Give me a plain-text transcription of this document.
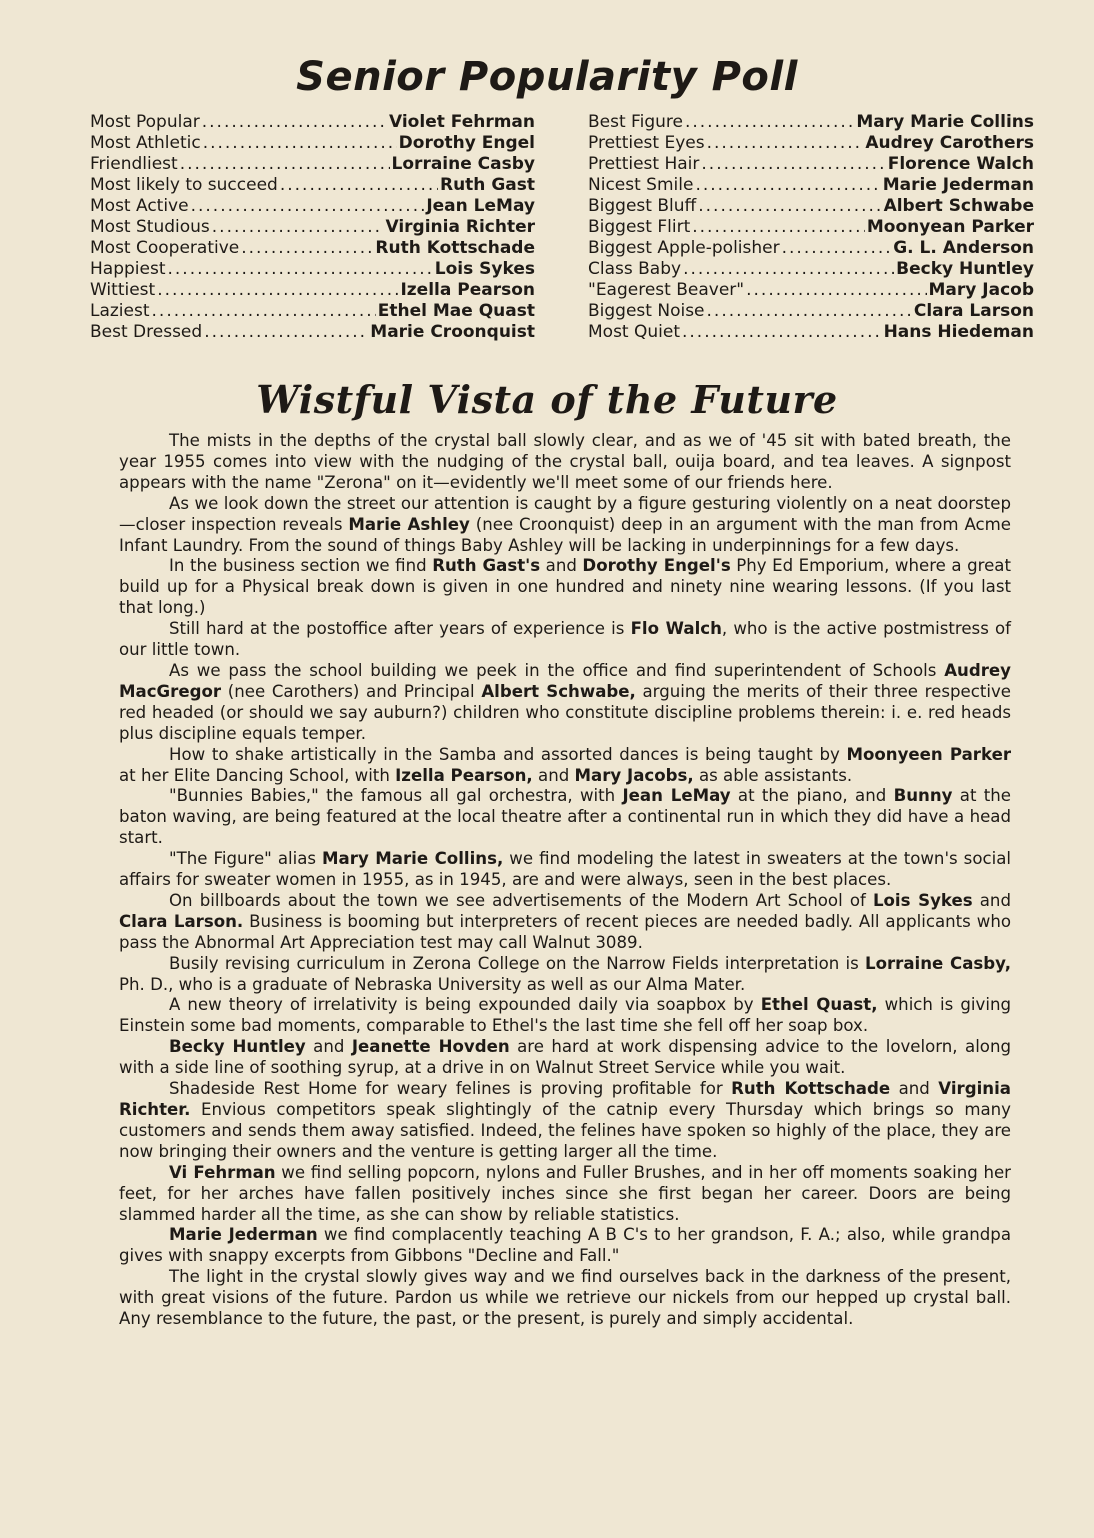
Senior Popularity Poll
Most Popular .....	Violet Fehrman
Most Athletic .....	Dorothy Engel
Friendliest .....	Lorraine Casby
Most likely to succeed .....	Ruth Gast
Most Active .....	Jean LeMay
Most Studious .....	Virginia Richter
Most Cooperative .....	Ruth Kottschade
Happiest .....	Lois Sykes
Wittiest .....	Izella Pearson
Laziest .....	Ethel Mae Quast
Best Dressed .....	Marie Croonquist
Best Figure .....	Mary Marie Collins
Prettiest Eyes .....	Audrey Carothers
Prettiest Hair .....	Florence Walch
Nicest Smile .....	Marie Jederman
Biggest Bluff .....	Albert Schwabe
Biggest Flirt .....	Moonyean Parker
Biggest Apple-polisher .....	G. L. Anderson
Class Baby .....	Becky Huntley
"Eagerest Beaver" .....	Mary Jacob
Biggest Noise .....	Clara Larson
Most Quiet .....	Hans Hiedeman
Wistful Vista of the Future

The mists in the depths of the crystal ball slowly clear, and as we of '45 sit with bated breath, the year 1955 comes into view with the nudging of the crystal ball, ouija board, and tea leaves. A signpost appears with the name "Zerona" on it—evidently we'll meet some of our friends here.

As we look down the street our attention is caught by a figure gesturing violently on a neat doorstep—closer inspection reveals Marie Ashley (nee Croonquist) deep in an argument with the man from Acme Infant Laundry. From the sound of things Baby Ashley will be lacking in underpinnings for a few days.

In the business section we find Ruth Gast's and Dorothy Engel's Phy Ed Emporium, where a great build up for a Physical break down is given in one hundred and ninety nine wearing lessons. (If you last that long.)

Still hard at the postoffice after years of experience is Flo Walch, who is the active postmistress of our little town.

As we pass the school building we peek in the office and find superintendent of Schools Audrey MacGregor (nee Carothers) and Principal Albert Schwabe, arguing the merits of their three respective red headed (or should we say auburn?) children who constitute discipline problems therein: i. e. red heads plus discipline equals temper.

How to shake artistically in the Samba and assorted dances is being taught by Moonyeen Parker at her Elite Dancing School, with Izella Pearson, and Mary Jacobs, as able assistants.

"Bunnies Babies," the famous all gal orchestra, with Jean LeMay at the piano, and Bunny at the baton waving, are being featured at the local theatre after a continental run in which they did have a head start.

"The Figure" alias Mary Marie Collins, we find modeling the latest in sweaters at the town's social affairs for sweater women in 1955, as in 1945, are and were always, seen in the best places.

On billboards about the town we see advertisements of the Modern Art School of Lois Sykes and Clara Larson. Business is booming but interpreters of recent pieces are needed badly. All applicants who pass the Abnormal Art Appreciation test may call Walnut 3089.

Busily revising curriculum in Zerona College on the Narrow Fields interpretation is Lorraine Casby, Ph. D., who is a graduate of Nebraska University as well as our Alma Mater.

A new theory of irrelativity is being expounded daily via soapbox by Ethel Quast, which is giving Einstein some bad moments, comparable to Ethel's the last time she fell off her soap box.

Becky Huntley and Jeanette Hovden are hard at work dispensing advice to the lovelorn, along with a side line of soothing syrup, at a drive in on Walnut Street Service while you wait.

Shadeside Rest Home for weary felines is proving profitable for Ruth Kottschade and Virginia Richter. Envious competitors speak slightingly of the catnip every Thursday which brings so many customers and sends them away satisfied. Indeed, the felines have spoken so highly of the place, they are now bringing their owners and the venture is getting larger all the time.

Vi Fehrman we find selling popcorn, nylons and Fuller Brushes, and in her off moments soaking her feet, for her arches have fallen positively inches since she first began her career. Doors are being slammed harder all the time, as she can show by reliable statistics.

Marie Jederman we find complacently teaching A B C's to her grandson, F. A.; also, while grandpa gives with snappy excerpts from Gibbons "Decline and Fall."

The light in the crystal slowly gives way and we find ourselves back in the darkness of the present, with great visions of the future. Pardon us while we retrieve our nickels from our hepped up crystal ball. Any resemblance to the future, the past, or the present, is purely and simply accidental.
